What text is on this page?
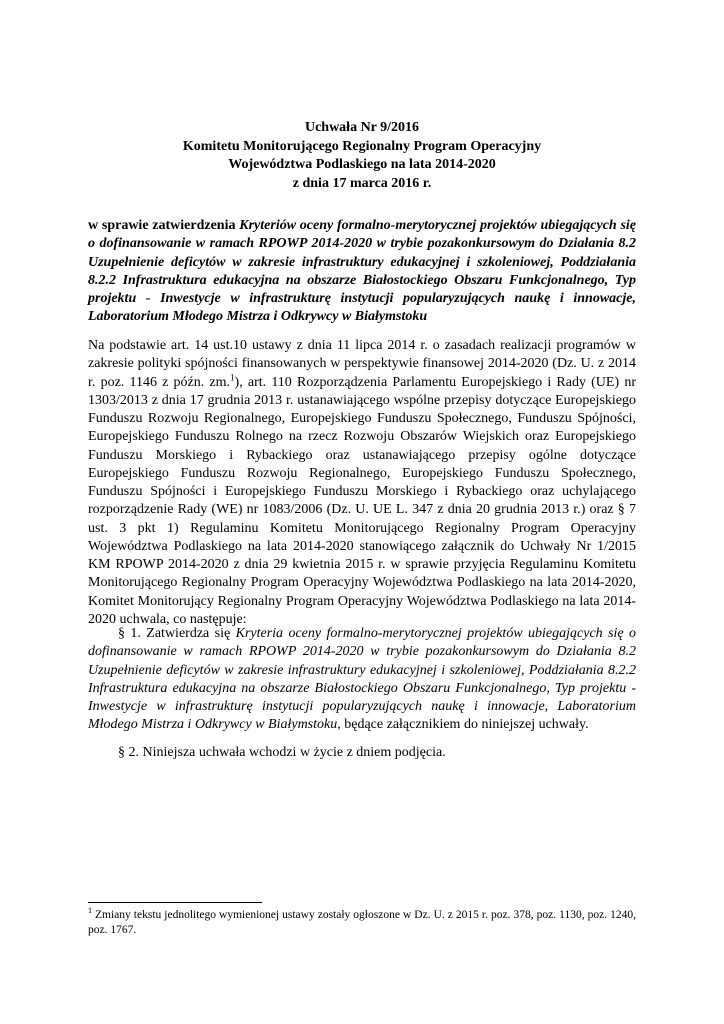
Uchwała Nr 9/2016
Komitetu Monitorującego Regionalny Program Operacyjny
Województwa Podlaskiego na lata 2014-2020
z dnia 17 marca 2016 r.
w sprawie zatwierdzenia Kryteriów oceny formalno-merytorycznej projektów ubiegających się o dofinansowanie w ramach RPOWP 2014-2020 w trybie pozakonkursowym do Działania 8.2 Uzupełnienie deficytów w zakresie infrastruktury edukacyjnej i szkoleniowej, Poddziałania 8.2.2 Infrastruktura edukacyjna na obszarze Białostockiego Obszaru Funkcjonalnego, Typ projektu - Inwestycje w infrastrukturę instytucji popularyzujących naukę i innowacje, Laboratorium Młodego Mistrza i Odkrywcy w Białymstoku
Na podstawie art. 14 ust.10 ustawy z dnia 11 lipca 2014 r. o zasadach realizacji programów w zakresie polityki spójności finansowanych w perspektywie finansowej 2014-2020 (Dz. U. z 2014 r. poz. 1146 z późn. zm.$^1$), art. 110 Rozporządzenia Parlamentu Europejskiego i Rady (UE) nr 1303/2013 z dnia 17 grudnia 2013 r. ustanawiającego wspólne przepisy dotyczące Europejskiego Funduszu Rozwoju Regionalnego, Europejskiego Funduszu Społecznego, Funduszu Spójności, Europejskiego Funduszu Rolnego na rzecz Rozwoju Obszarów Wiejskich oraz Europejskiego Funduszu Morskiego i Rybackiego oraz ustanawiającego przepisy ogólne dotyczące Europejskiego Funduszu Rozwoju Regionalnego, Europejskiego Funduszu Społecznego, Funduszu Spójności i Europejskiego Funduszu Morskiego i Rybackiego oraz uchylającego rozporządzenie Rady (WE) nr 1083/2006 (Dz. U. UE L. 347 z dnia 20 grudnia 2013 r.) oraz § 7 ust. 3 pkt 1) Regulaminu Komitetu Monitorującego Regionalny Program Operacyjny Województwa Podlaskiego na lata 2014-2020 stanowiącego załącznik do Uchwały Nr 1/2015 KM RPOWP 2014-2020 z dnia 29 kwietnia 2015 r. w sprawie przyjęcia Regulaminu Komitetu Monitorującego Regionalny Program Operacyjny Województwa Podlaskiego na lata 2014-2020, Komitet Monitorujący Regionalny Program Operacyjny Województwa Podlaskiego na lata 2014-2020 uchwala, co następuje:
§ 1. Zatwierdza się Kryteria oceny formalno-merytorycznej projektów ubiegających się o dofinansowanie w ramach RPOWP 2014-2020 w trybie pozakonkursowym do Działania 8.2 Uzupełnienie deficytów w zakresie infrastruktury edukacyjnej i szkoleniowej, Poddziałania 8.2.2 Infrastruktura edukacyjna na obszarze Białostockiego Obszaru Funkcjonalnego, Typ projektu - Inwestycje w infrastrukturę instytucji popularyzujących naukę i innowacje, Laboratorium Młodego Mistrza i Odkrywcy w Białymstoku, będące załącznikiem do niniejszej uchwały.
§ 2. Niniejsza uchwała wchodzi w życie z dniem podjęcia.
$^1$ Zmiany tekstu jednolitego wymienionej ustawy zostały ogłoszone w Dz. U. z 2015 r. poz. 378, poz. 1130, poz. 1240, poz. 1767.
